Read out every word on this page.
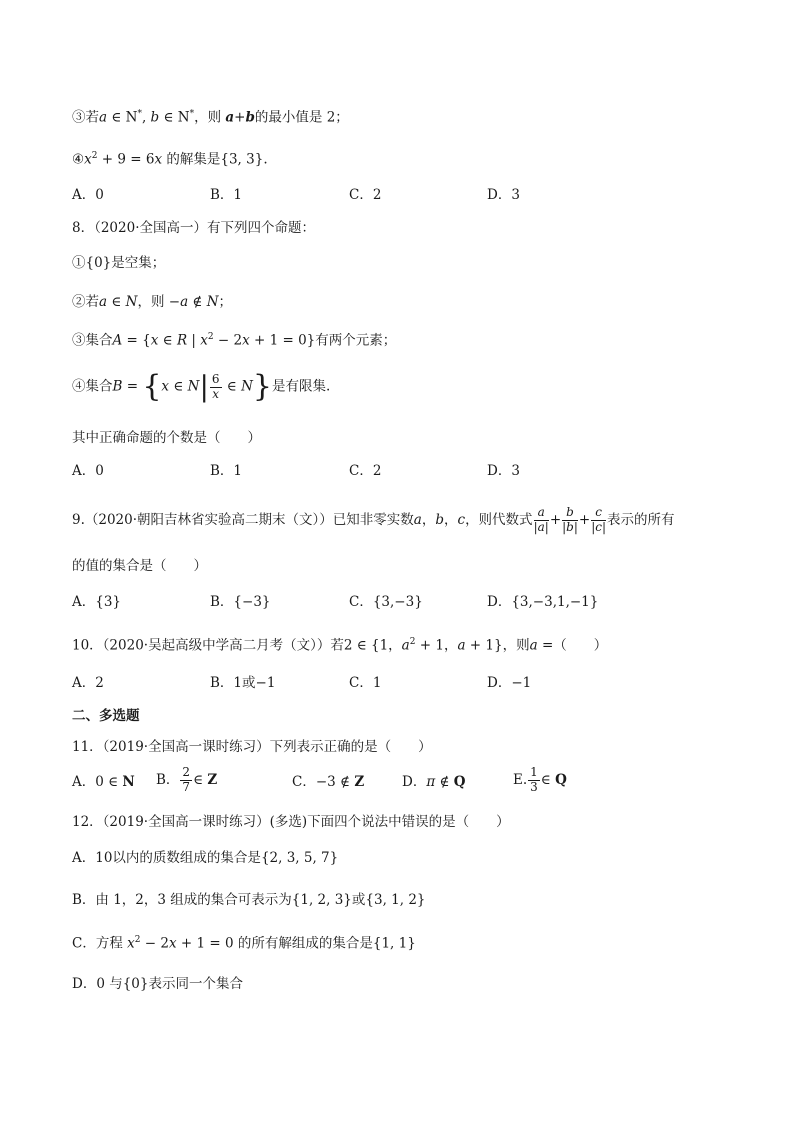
③若a ∈ N*, b ∈ N*，则 a+b的最小值是 2；
$④x^2 + 9 = 6x$ 的解集是{3, 3}.
A．0	B．1	C．2	D．3
8．（2020·全国高一）有下列四个命题：
①{0}是空集；
②若a ∈ N，则 −a ∉ N；
③集合A = {x ∈ R | $x^2 - 2x + 1 = 0$}有两个元素；
④集合B = {x ∈ $N| \frac{6}{x}$ ∈ N}是有限集.
其中正确命题的个数是（　　）
A．0	B．1	C．2	D．3
9.（2020·朝阳吉林省实验高二期末（文））已知非零实数a，b，c，则代数式 $\frac{a}{|a|} + \frac{b}{|b|} + \frac{c}{|c|}$ 表示的所有
的值的集合是（　　）
A．{3}	B．{−3}	C．{3,−3}	D．{3,−3,1,−1}
10．（2020·吴起高级中学高二月考（文））若2 ∈ {1，$a^2 + 1$，a + 1}，则a =（　　）
A．2	B．1或−1	C．1	D．−1
二、多选题
11．（2019·全国高一课时练习）下列表示正确的是（　　）
A．0 ∈ N B． $\frac{2}{7}$ ∈ Z	C．−3 ∉ Z	D．π ∉ Q	E. $\frac{1}{3}$ ∈ Q
12．（2019·全国高一课时练习）(多选)下面四个说法中错误的是（　　）
A．10以内的质数组成的集合是{2, 3, 5, 7}
B．由 1，2，3 组成的集合可表示为{1, 2, 3}或{3, 1, 2}
C．方程 $x^2 - 2x + 1 = 0$ 的所有解组成的集合是{1, 1}
D．0 与{0}表示同一个集合
